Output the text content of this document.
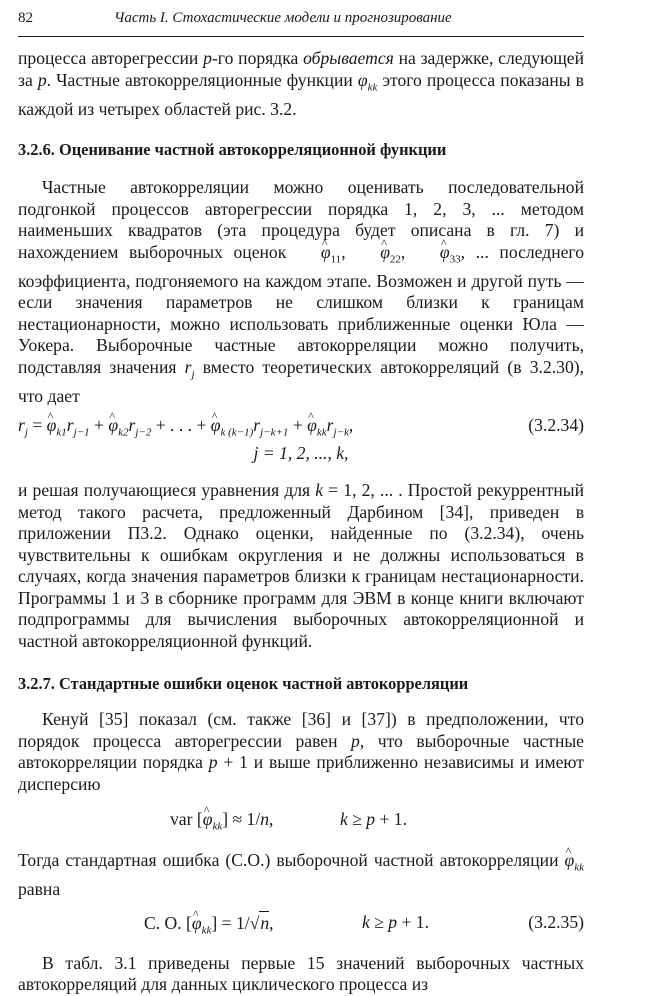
82	Часть I. Стохастические модели и прогнозирование

процесса авторегрессии p-го порядка обрывается на задержке, следующей за p. Частные автокорреляционные функции $\varphi_{kk}$ этого процесса показаны в каждой из четырех областей рис. 3.2.

3.2.6. Оценивание частной автокорреляционной функции

Частные автокорреляции можно оценивать последовательной подгонкой процессов авторегрессии порядка 1, 2, 3, ... методом наименьших квадратов (эта процедура будет описана в гл. 7) и нахождением выборочных оценок ^ $\varphi_{11}$, ^ $\varphi_{22}$, ^ $\varphi_{33}$, ... последнего коэффициента, подгоняемого на каждом этапе. Возможен и другой путь — если значения параметров не слишком близки к границам нестационарности, можно использовать приближенные оценки Юла — Уокера. Выборочные частные автокорреляции можно получить, подставляя значения $r_j$ вместо теоретических автокорреляций (в 3.2.30), что дает

$r_j$ = ^ $\varphi_{k1}r_{j-1}$ + ^ $\varphi_{k2}r_{j-2}$ + . . . + ^ $\varphi_{k (k-1)}r_{j-k+1}$ + ^ $\varphi_{kk}r_{j-k}$,	(3.2.34)
j = 1, 2, ..., k,

и решая получающиеся уравнения для k = 1, 2, ... . Простой рекуррентный метод такого расчета, предложенный Дарбином [34], приведен в приложении П3.2. Однако оценки, найденные по (3.2.34), очень чувствительны к ошибкам округления и не должны использоваться в случаях, когда значения параметров близки к границам нестационарности. Программы 1 и 3 в сборнике программ для ЭВМ в конце книги включают подпрограммы для вычисления выборочных автокорреляционной и частной автокорреляционной функций.

3.2.7. Стандартные ошибки оценок частной автокорреляции

Кенуй [35] показал (см. также [36] и [37]) в предположении, что порядок процесса авторегрессии равен p, что выборочные частные автокорреляции порядка p + 1 и выше приближенно независимы и имеют дисперсию

var [^ $\varphi_{kk}] \approx 1/n$,	k ≥ p + 1.

Тогда стандартная ошибка (С.О.) выборочной частной автокорреляции ^ $\varphi_{kk}$ равна

С. О. [^ $\varphi_{kk}] = 1/√n$,	k ≥ p + 1.	(3.2.35)

В табл. 3.1 приведены первые 15 значений выборочных частных автокорреляций для данных циклического процесса из
